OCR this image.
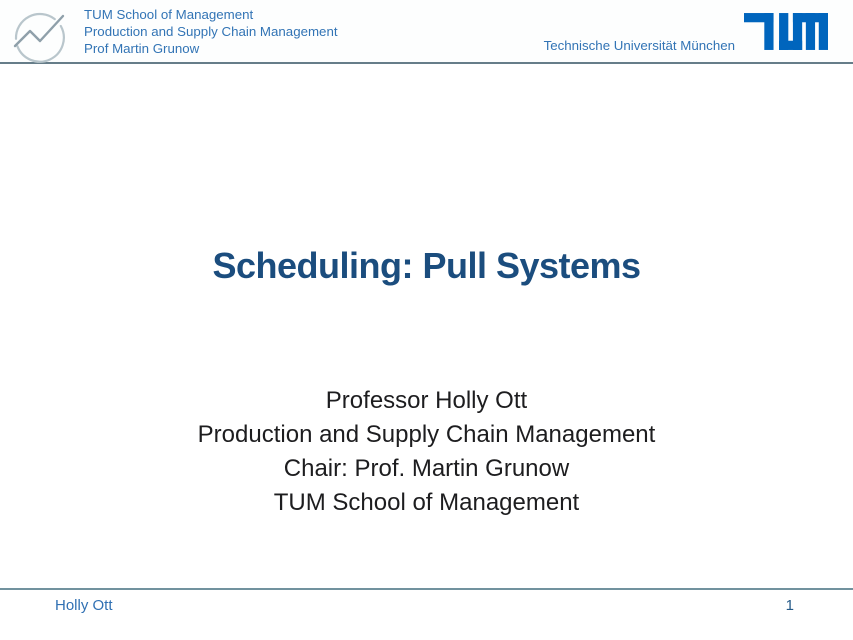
TUM School of Management
Production and Supply Chain Management
Prof Martin Grunow	Technische Universität München
Scheduling: Pull Systems
Professor Holly Ott
Production and Supply Chain Management
Chair: Prof. Martin Grunow
TUM School of Management
Holly Ott	1
